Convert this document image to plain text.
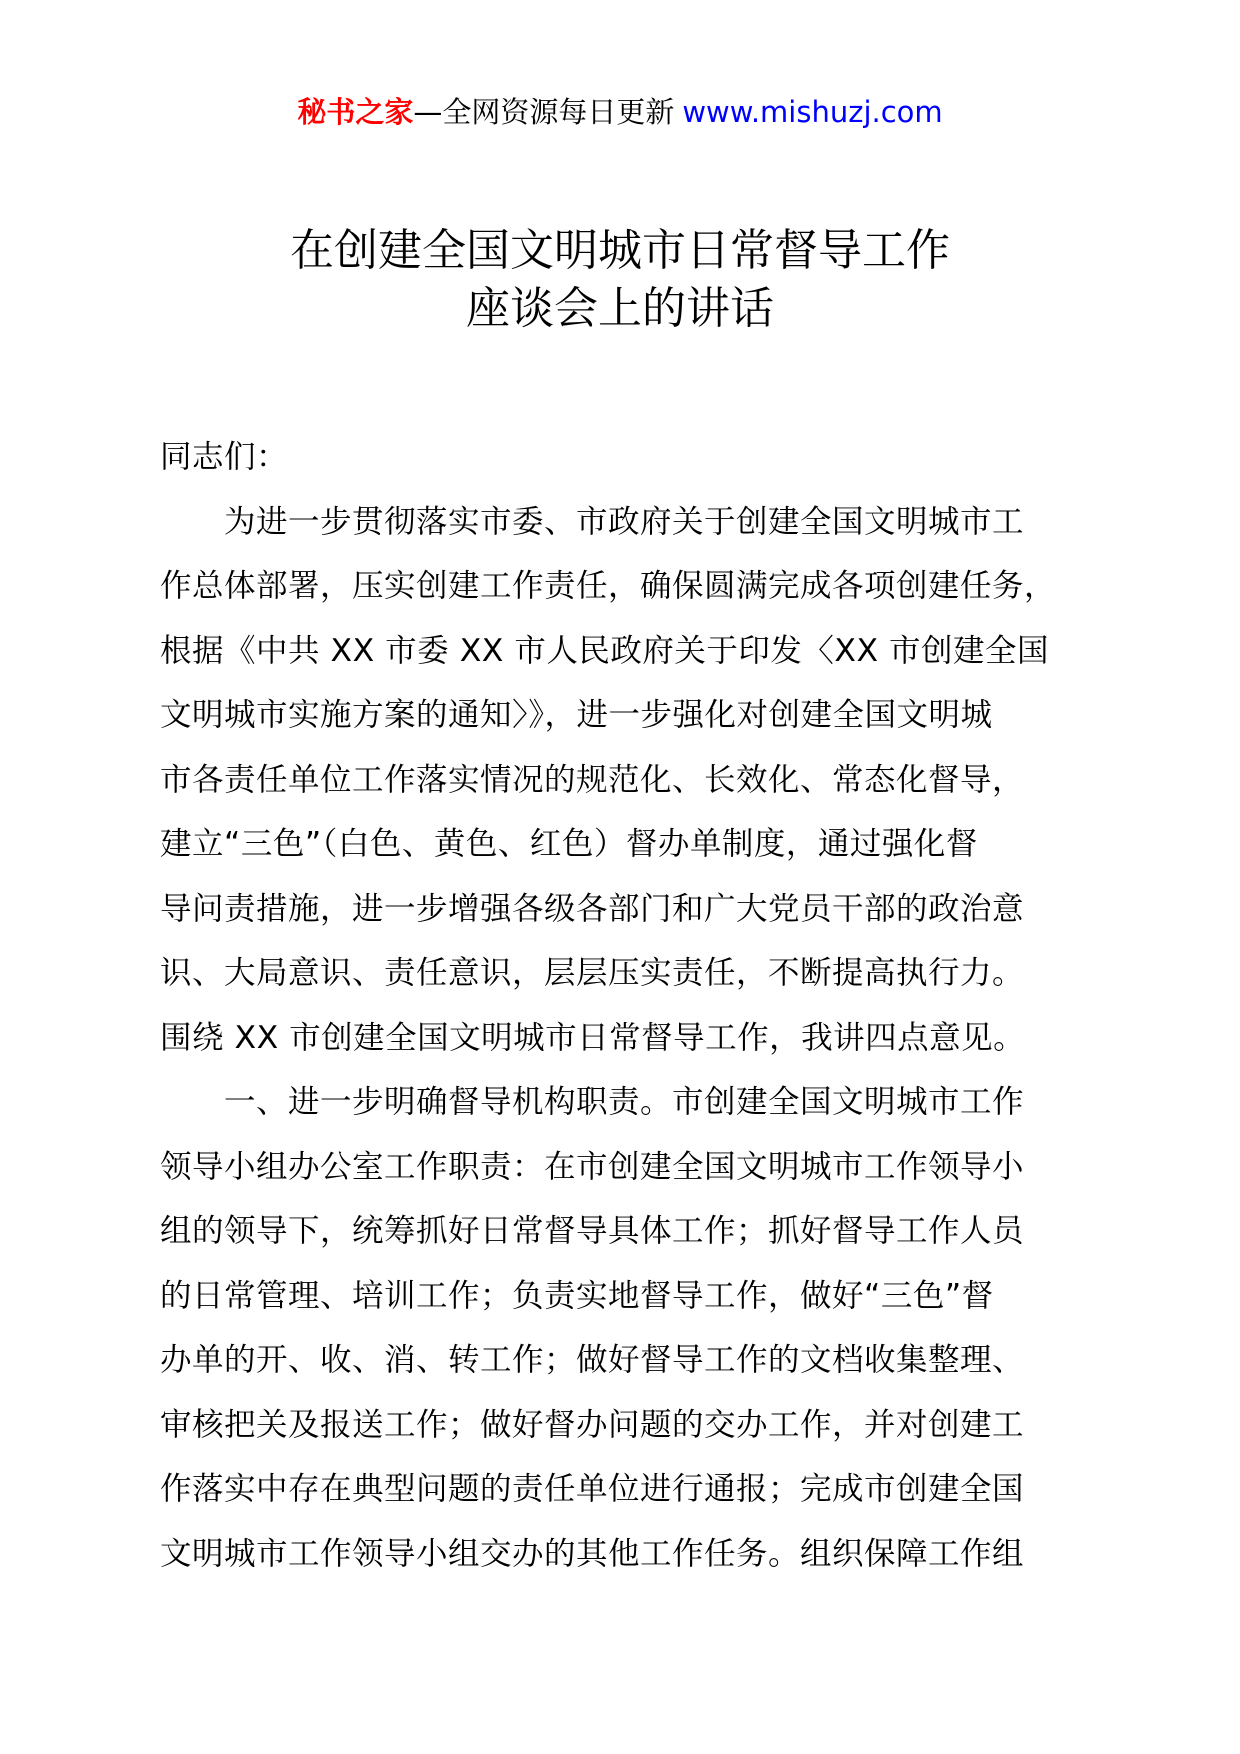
秘书之家—全网资源每日更新 www.mishuzj.com
在创建全国文明城市日常督导工作
座谈会上的讲话
同志们：
为进一步贯彻落实市委、市政府关于创建全国文明城市工
作总体部署，压实创建工作责任，确保圆满完成各项创建任务，
根据《中共 XX 市委 XX 市人民政府关于印发〈XX 市创建全国
文明城市实施方案的通知〉》，进一步强化对创建全国文明城
市各责任单位工作落实情况的规范化、长效化、常态化督导，
建立“三色”（白色、黄色、红色）督办单制度，通过强化督
导问责措施，进一步增强各级各部门和广大党员干部的政治意
识、大局意识、责任意识，层层压实责任，不断提高执行力。
围绕 XX 市创建全国文明城市日常督导工作，我讲四点意见。
一、进一步明确督导机构职责。市创建全国文明城市工作
领导小组办公室工作职责：在市创建全国文明城市工作领导小
组的领导下，统筹抓好日常督导具体工作；抓好督导工作人员
的日常管理、培训工作；负责实地督导工作，做好“三色”督
办单的开、收、消、转工作；做好督导工作的文档收集整理、
审核把关及报送工作；做好督办问题的交办工作，并对创建工
作落实中存在典型问题的责任单位进行通报；完成市创建全国
文明城市工作领导小组交办的其他工作任务。组织保障工作组
